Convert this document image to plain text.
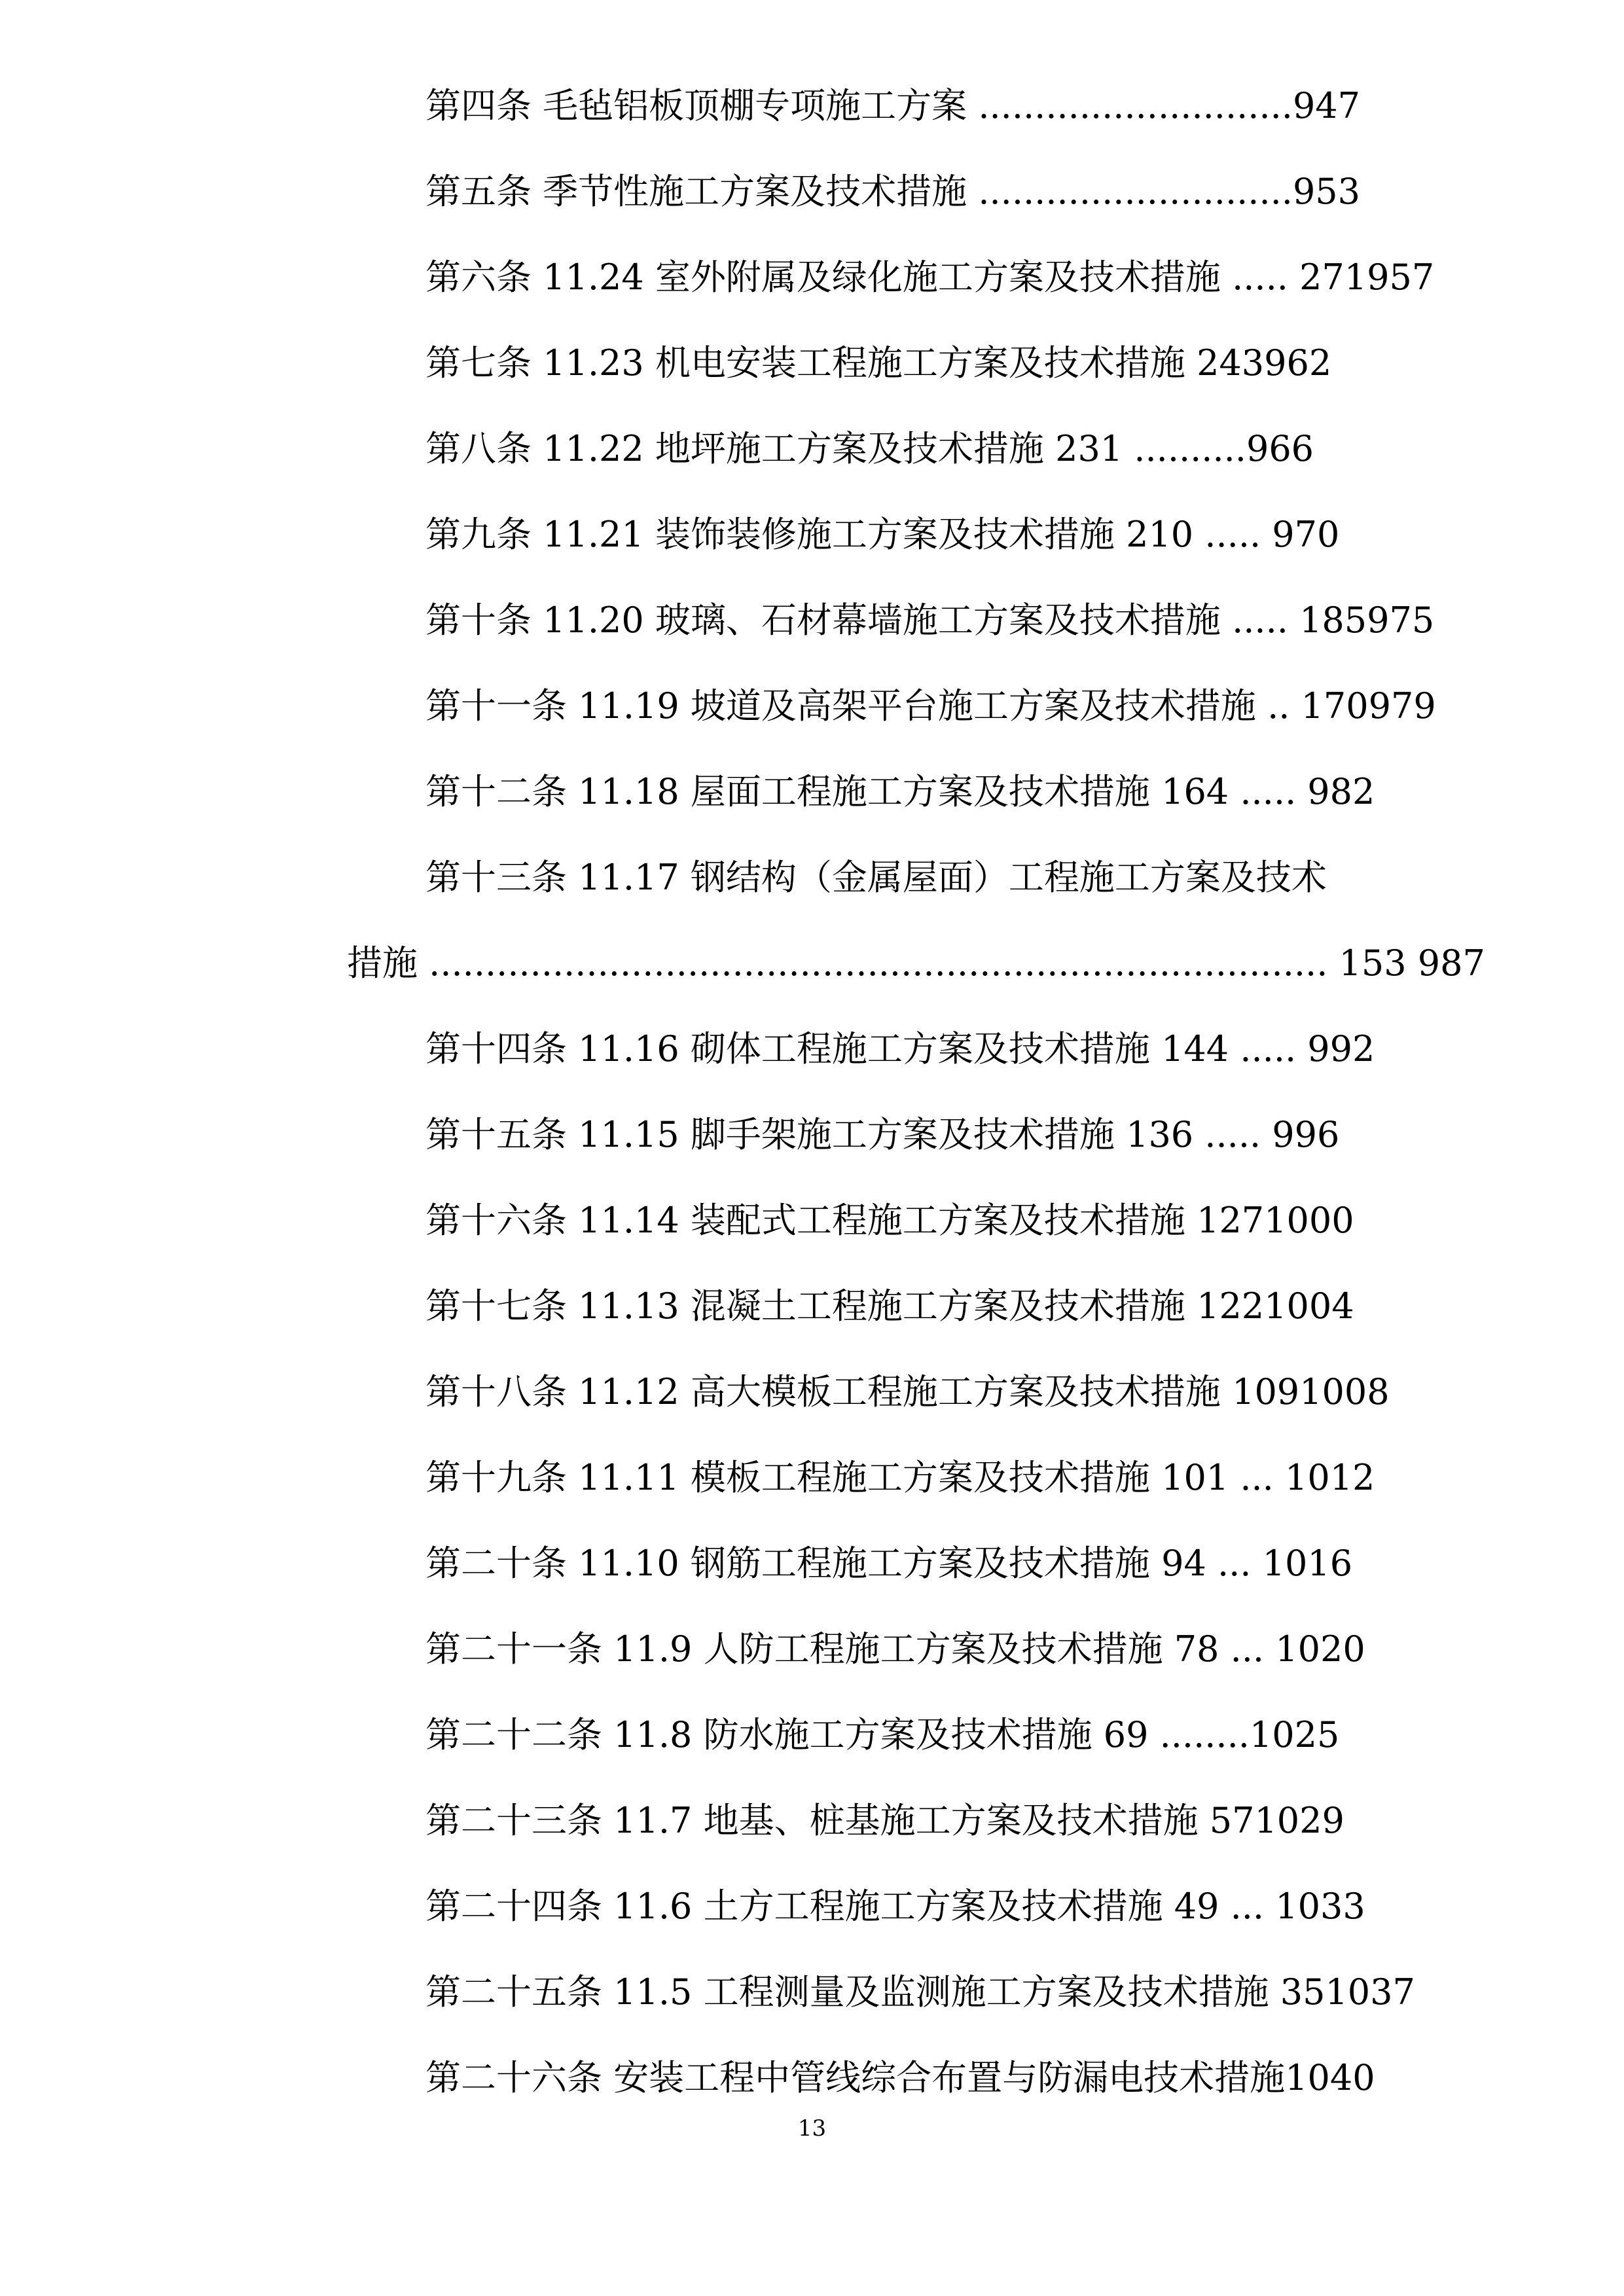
第四条 毛毡铝板顶棚专项施工方案 ............................947
第五条 季节性施工方案及技术措施 ............................953
第六条 11.24 室外附属及绿化施工方案及技术措施 ..... 271957
第七条 11.23 机电安装工程施工方案及技术措施 243962
第八条 11.22 地坪施工方案及技术措施 231 ..........966
第九条 11.21 装饰装修施工方案及技术措施 210 ..... 970
第十条 11.20 玻璃、石材幕墙施工方案及技术措施 ..... 185975
第十一条 11.19 坡道及高架平台施工方案及技术措施 .. 170979
第十二条 11.18 屋面工程施工方案及技术措施 164 ..... 982
第十三条 11.17 钢结构（金属屋面）工程施工方案及技术
措施 ................................................................................ 153 987
第十四条 11.16 砌体工程施工方案及技术措施 144 ..... 992
第十五条 11.15 脚手架施工方案及技术措施 136 ..... 996
第十六条 11.14 装配式工程施工方案及技术措施 1271000
第十七条 11.13 混凝土工程施工方案及技术措施 1221004
第十八条 11.12 高大模板工程施工方案及技术措施 1091008
第十九条 11.11 模板工程施工方案及技术措施 101 ... 1012
第二十条 11.10 钢筋工程施工方案及技术措施 94 ... 1016
第二十一条 11.9 人防工程施工方案及技术措施 78 ... 1020
第二十二条 11.8 防水施工方案及技术措施 69 ........1025
第二十三条 11.7 地基、桩基施工方案及技术措施 571029
第二十四条 11.6 土方工程施工方案及技术措施 49 ... 1033
第二十五条 11.5 工程测量及监测施工方案及技术措施 351037
第二十六条 安装工程中管线综合布置与防漏电技术措施1040
13
